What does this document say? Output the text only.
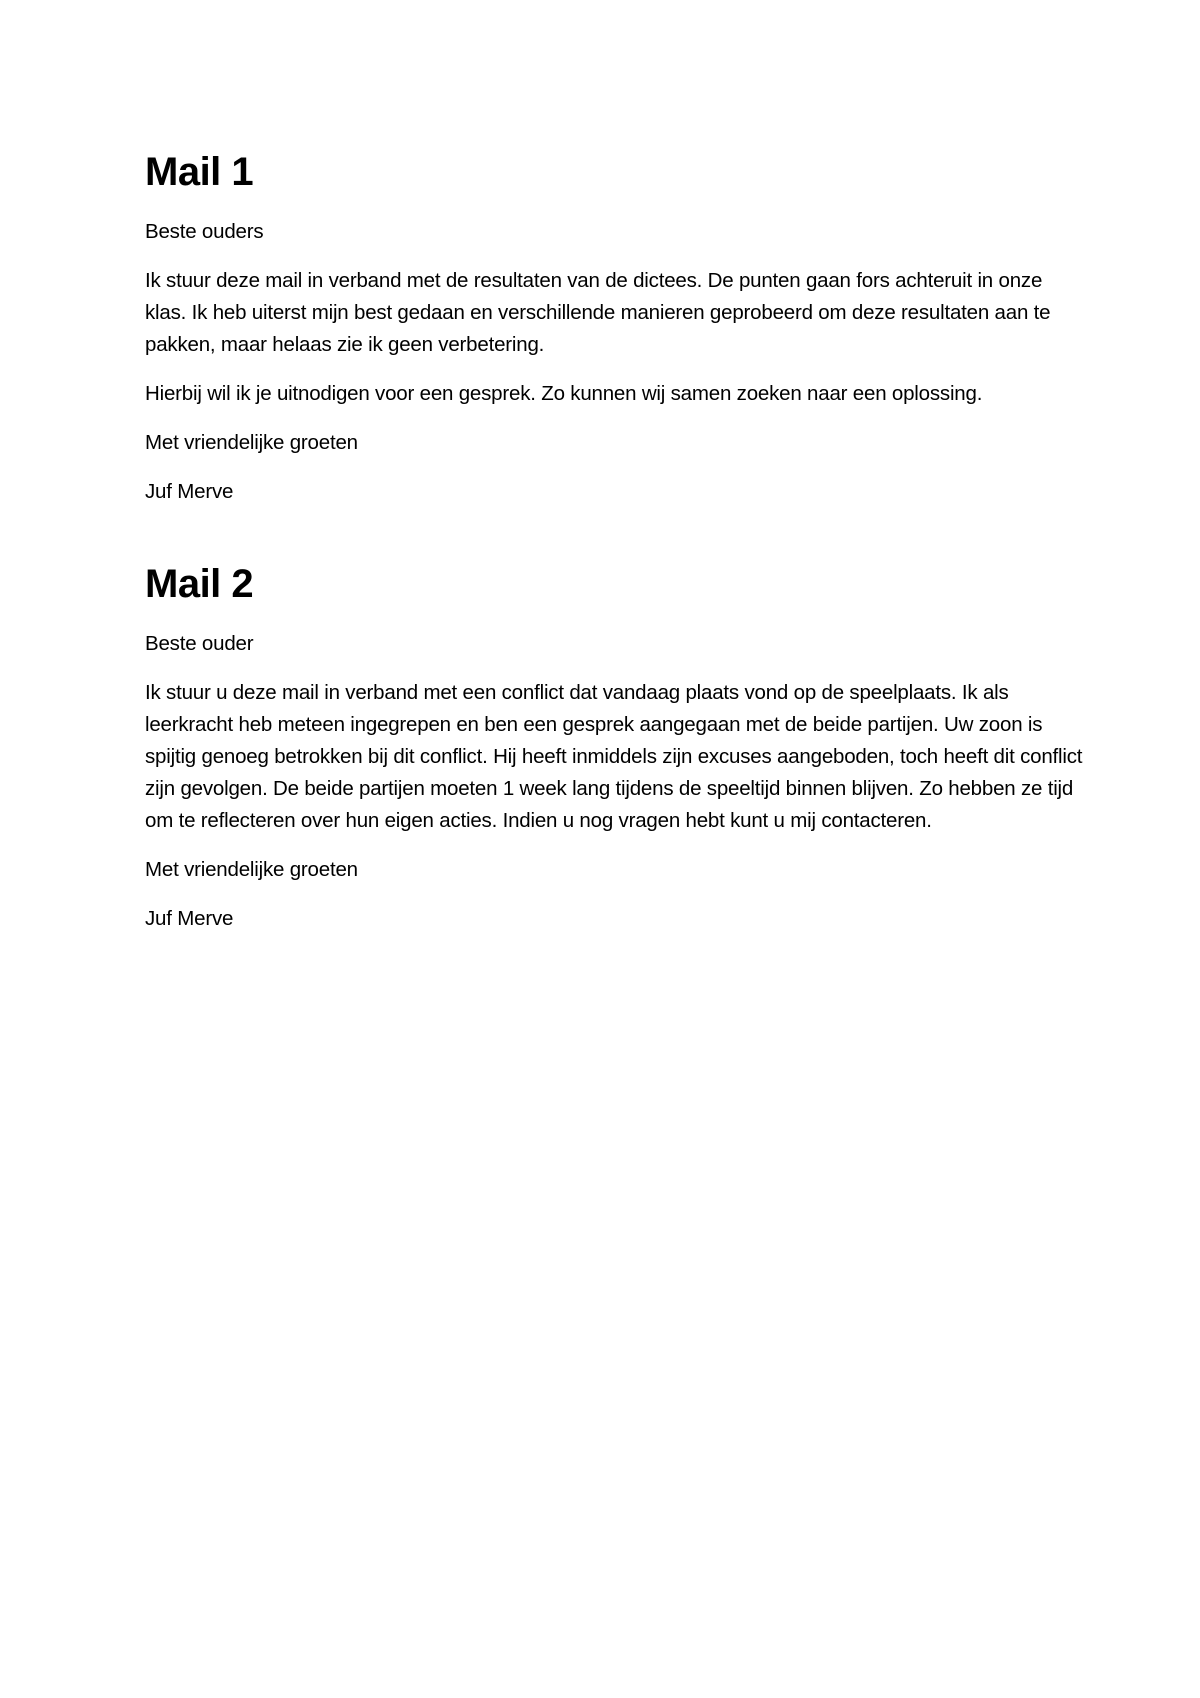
Mail 1

Beste ouders

Ik stuur deze mail in verband met de resultaten van de dictees. De punten gaan fors achteruit in onze klas. Ik heb uiterst mijn best gedaan en verschillende manieren geprobeerd om deze resultaten aan te pakken, maar helaas zie ik geen verbetering.

Hierbij wil ik je uitnodigen voor een gesprek. Zo kunnen wij samen zoeken naar een oplossing.

Met vriendelijke groeten

Juf Merve

Mail 2

Beste ouder

Ik stuur u deze mail in verband met een conflict dat vandaag plaats vond op de speelplaats. Ik als leerkracht heb meteen ingegrepen en ben een gesprek aangegaan met de beide partijen. Uw zoon is spijtig genoeg betrokken bij dit conflict. Hij heeft inmiddels zijn excuses aangeboden, toch heeft dit conflict zijn gevolgen. De beide partijen moeten 1 week lang tijdens de speeltijd binnen blijven. Zo hebben ze tijd om te reflecteren over hun eigen acties. Indien u nog vragen hebt kunt u mij contacteren.

Met vriendelijke groeten

Juf Merve
